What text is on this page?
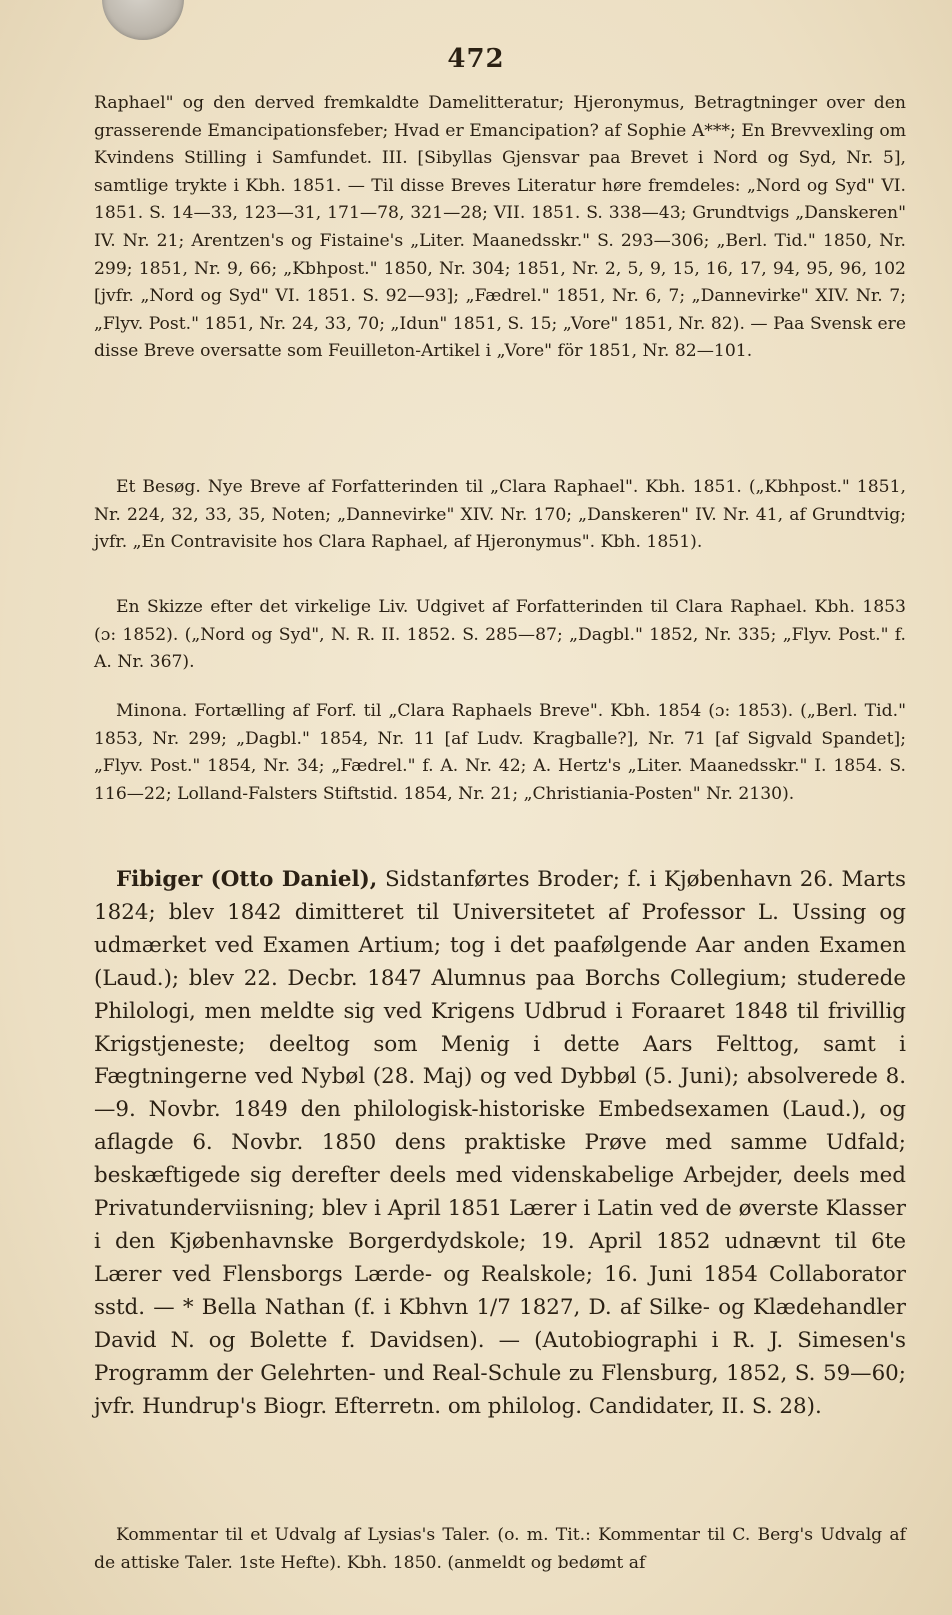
472

Raphael" og den derved fremkaldte Damelitteratur; Hjeronymus, Betragtninger over den grasserende Emancipationsfeber; Hvad er Emancipation? af Sophie A***; En Brevvexling om Kvindens Stilling i Samfundet. III. [Sibyllas Gjensvar paa Brevet i Nord og Syd, Nr. 5], samtlige trykte i Kbh. 1851. — Til disse Breves Literatur høre fremdeles: „Nord og Syd" VI. 1851. S. 14—33, 123—31, 171—78, 321—28; VII. 1851. S. 338—43; Grundtvigs „Danskeren" IV. Nr. 21; Arentzen's og Fistaine's „Liter. Maanedsskr." S. 293—306; „Berl. Tid." 1850, Nr. 299; 1851, Nr. 9, 66; „Kbhpost." 1850, Nr. 304; 1851, Nr. 2, 5, 9, 15, 16, 17, 94, 95, 96, 102 [jvfr. „Nord og Syd" VI. 1851. S. 92—93]; „Fædrel." 1851, Nr. 6, 7; „Dannevirke" XIV. Nr. 7; „Flyv. Post." 1851, Nr. 24, 33, 70; „Idun" 1851, S. 15; „Vore" 1851, Nr. 82). — Paa Svensk ere disse Breve oversatte som Feuilleton-Artikel i „Vore" för 1851, Nr. 82—101.

Et Besøg. Nye Breve af Forfatterinden til „Clara Raphael". Kbh. 1851. („Kbhpost." 1851, Nr. 224, 32, 33, 35, Noten; „Dannevirke" XIV. Nr. 170; „Danskeren" IV. Nr. 41, af Grundtvig; jvfr. „En Contravisite hos Clara Raphael, af Hjeronymus". Kbh. 1851).

En Skizze efter det virkelige Liv. Udgivet af Forfatterinden til Clara Raphael. Kbh. 1853 (ɔ: 1852). („Nord og Syd", N. R. II. 1852. S. 285—87; „Dagbl." 1852, Nr. 335; „Flyv. Post." f. A. Nr. 367).

Minona. Fortælling af Forf. til „Clara Raphaels Breve". Kbh. 1854 (ɔ: 1853). („Berl. Tid." 1853, Nr. 299; „Dagbl." 1854, Nr. 11 [af Ludv. Kragballe?], Nr. 71 [af Sigvald Spandet]; „Flyv. Post." 1854, Nr. 34; „Fædrel." f. A. Nr. 42; A. Hertz's „Liter. Maanedsskr." I. 1854. S. 116—22; Lolland-Falsters Stiftstid. 1854, Nr. 21; „Christiania-Posten" Nr. 2130).

Fibiger (Otto Daniel), Sidstanførtes Broder; f. i Kjøbenhavn 26. Marts 1824; blev 1842 dimitteret til Universitetet af Professor L. Ussing og udmærket ved Examen Artium; tog i det paafølgende Aar anden Examen (Laud.); blev 22. Decbr. 1847 Alumnus paa Borchs Collegium; studerede Philologi, men meldte sig ved Krigens Udbrud i Foraaret 1848 til frivillig Krigstjeneste; deeltog som Menig i dette Aars Felttog, samt i Fægtningerne ved Nybøl (28. Maj) og ved Dybbøl (5. Juni); absolverede 8.—9. Novbr. 1849 den philologisk-historiske Embedsexamen (Laud.), og aflagde 6. Novbr. 1850 dens praktiske Prøve med samme Udfald; beskæftigede sig derefter deels med videnskabelige Arbejder, deels med Privatunderviisning; blev i April 1851 Lærer i Latin ved de øverste Klasser i den Kjøbenhavnske Borgerdydskole; 19. April 1852 udnævnt til 6te Lærer ved Flensborgs Lærde- og Realskole; 16. Juni 1854 Collaborator sstd. — * Bella Nathan (f. i Kbhvn 1/7 1827, D. af Silke- og Klædehandler David N. og Bolette f. Davidsen). — (Autobiographi i R. J. Simesen's Programm der Gelehrten- und Real-Schule zu Flensburg, 1852, S. 59—60; jvfr. Hundrup's Biogr. Efterretn. om philolog. Candidater, II. S. 28).

Kommentar til et Udvalg af Lysias's Taler. (o. m. Tit.: Kommentar til C. Berg's Udvalg af de attiske Taler. 1ste Hefte). Kbh. 1850. (anmeldt og bedømt af
